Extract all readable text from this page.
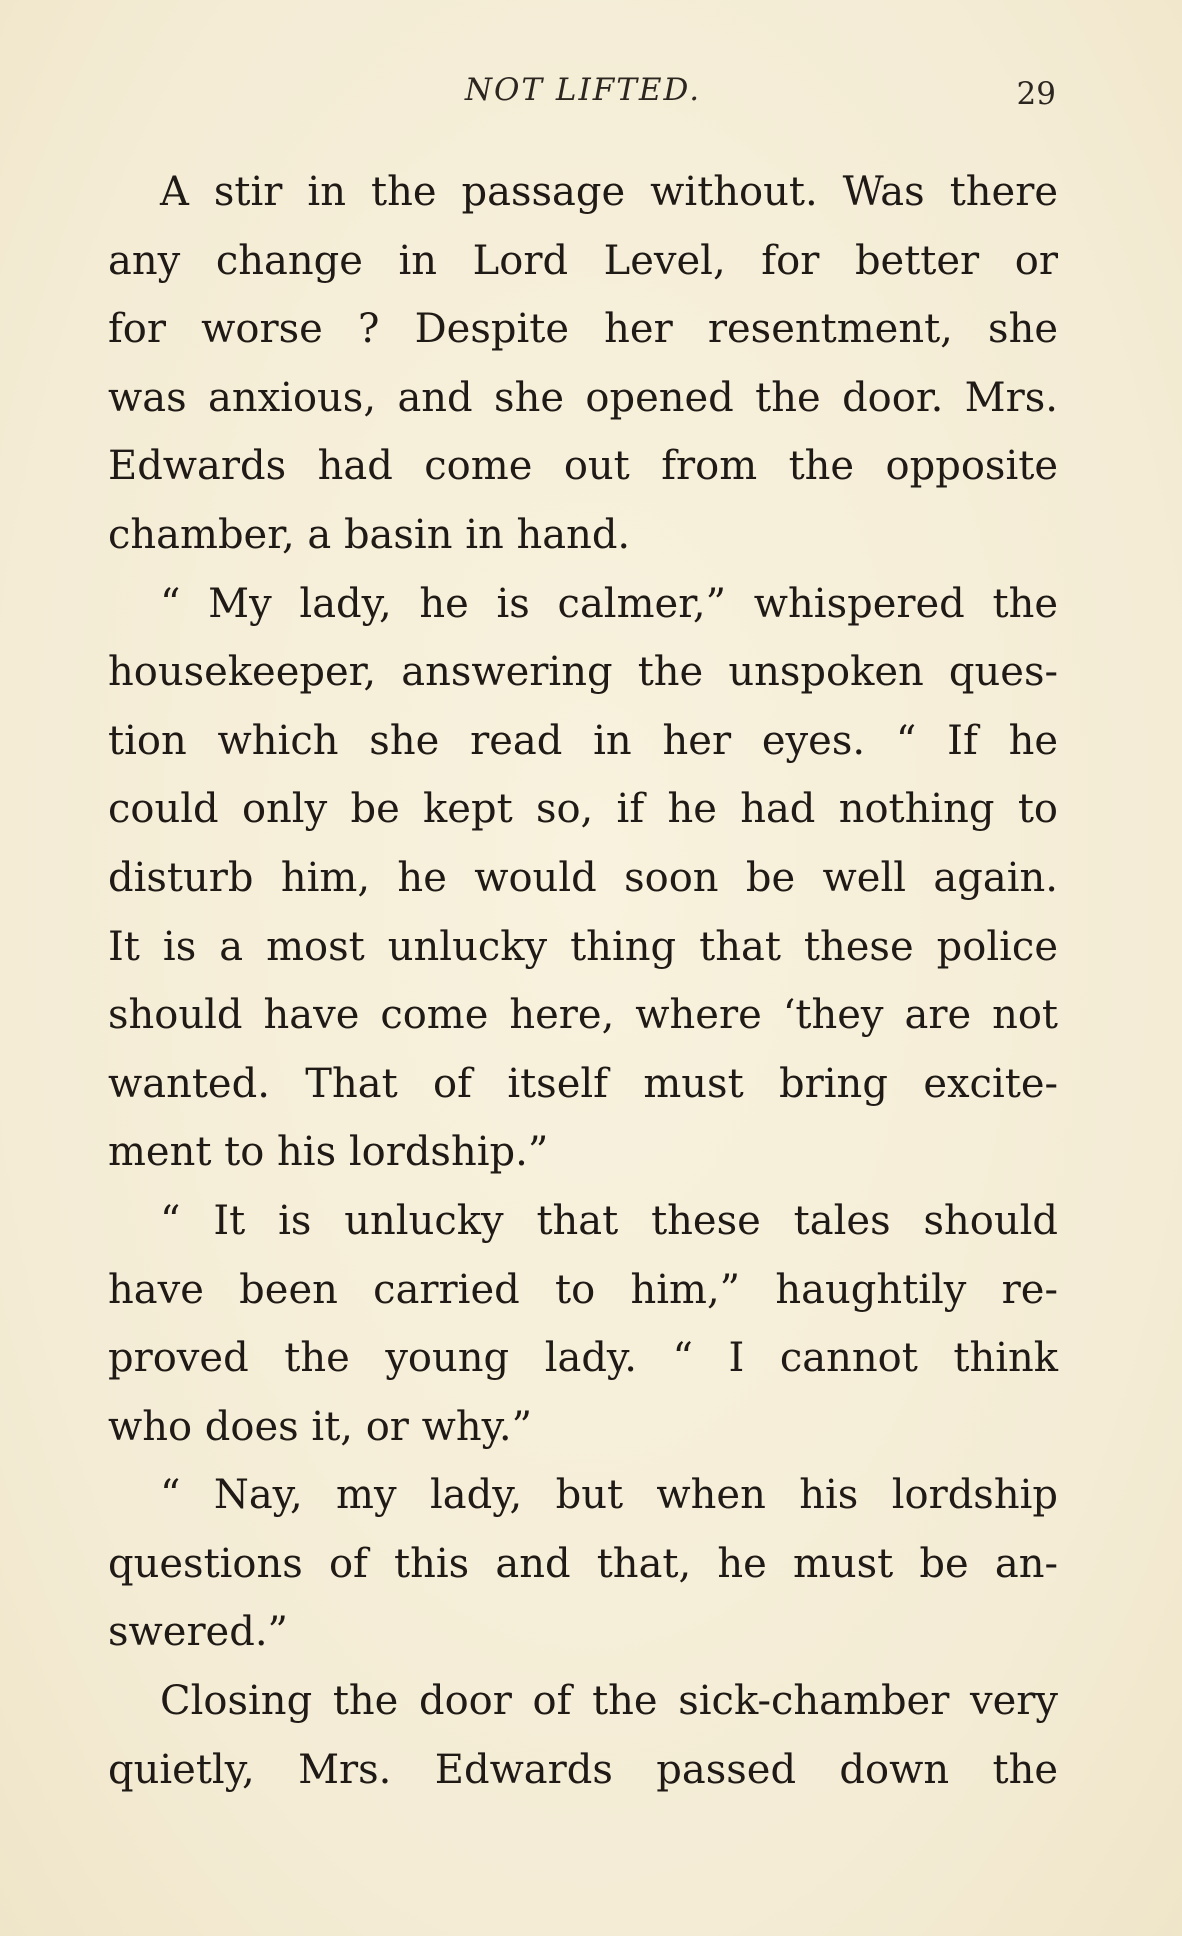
NOT LIFTED.	29
A stir in the passage without. Was there
any change in Lord Level, for better or
for worse ? Despite her resentment, she
was anxious, and she opened the door. Mrs.
Edwards had come out from the opposite
chamber, a basin in hand.
“ My lady, he is calmer,” whispered the
housekeeper, answering the unspoken ques-
tion which she read in her eyes. “ If he
could only be kept so, if he had nothing to
disturb him, he would soon be well again.
It is a most unlucky thing that these police
should have come here, where ‘they are not
wanted. That of itself must bring excite-
ment to his lordship.”
“ It is unlucky that these tales should
have been carried to him,” haughtily re-
proved the young lady. “ I cannot think
who does it, or why.”
“ Nay, my lady, but when his lordship
questions of this and that, he must be an-
swered.”
Closing the door of the sick-chamber very
quietly, Mrs. Edwards passed down the
